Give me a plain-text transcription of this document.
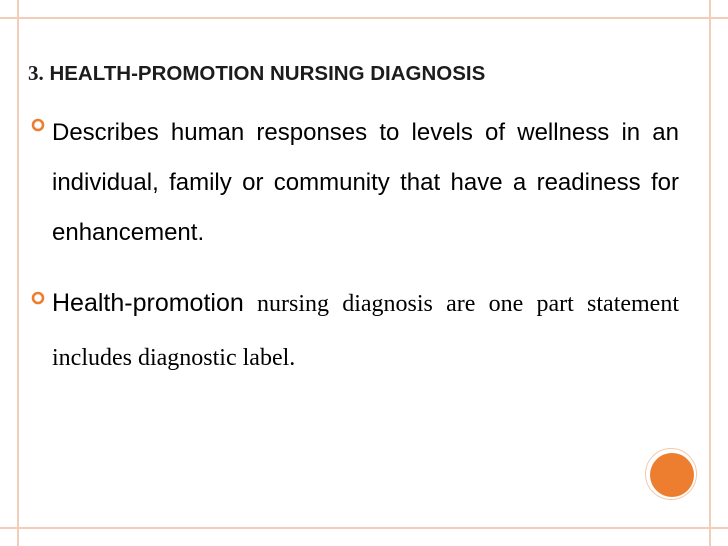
3. HEALTH-PROMOTION NURSING DIAGNOSIS
Describes human responses to levels of wellness in an individual, family or community that have a readiness for enhancement.
Health-promotion nursing diagnosis are one part statement includes diagnostic label.
